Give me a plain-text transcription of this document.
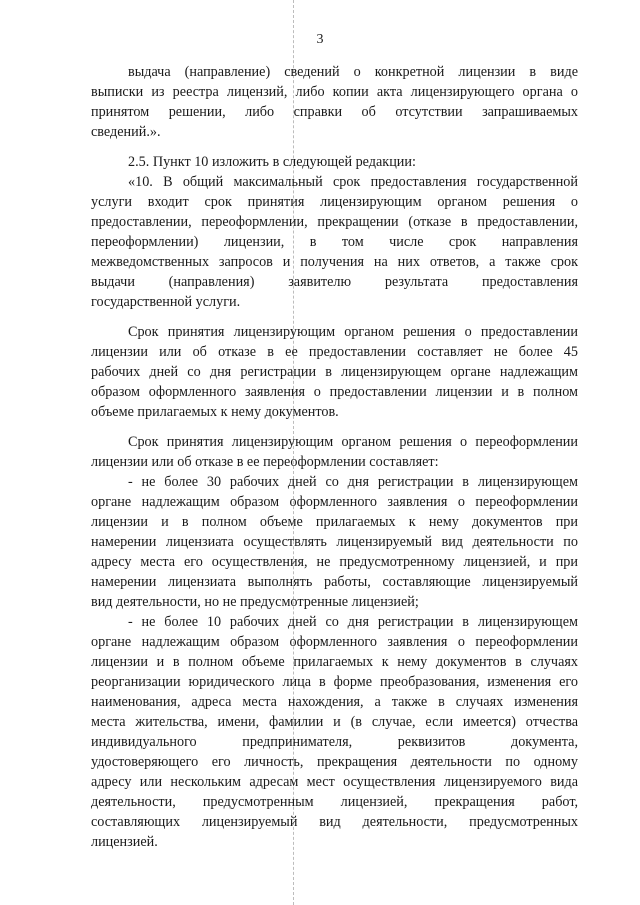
3
выдача (направление) сведений о конкретной лицензии в виде
выписки из реестра лицензий, либо копии акта лицензирующего органа о
принятом решении, либо справки об отсутствии запрашиваемых
сведений.».
2.5. Пункт 10 изложить в следующей редакции:
«10. В общий максимальный срок предоставления государственной
услуги входит срок принятия лицензирующим органом решения о
предоставлении, переоформлении, прекращении (отказе в предоставлении,
переоформлении) лицензии, в том числе срок направления
межведомственных запросов и получения на них ответов, а также срок
выдачи (направления) заявителю результата предоставления
государственной услуги.
Срок принятия лицензирующим органом решения о предоставлении
лицензии или об отказе в ее предоставлении составляет не более 45
рабочих дней со дня регистрации в лицензирующем органе надлежащим
образом оформленного заявления о предоставлении лицензии и в полном
объеме прилагаемых к нему документов.
Срок принятия лицензирующим органом решения о переоформлении
лицензии или об отказе в ее переоформлении составляет:
- не более 30 рабочих дней со дня регистрации в лицензирующем
органе надлежащим образом оформленного заявления о переоформлении
лицензии и в полном объеме прилагаемых к нему документов при
намерении лицензиата осуществлять лицензируемый вид деятельности по
адресу места его осуществления, не предусмотренному лицензией, и при
намерении лицензиата выполнять работы, составляющие лицензируемый
вид деятельности, но не предусмотренные лицензией;
- не более 10 рабочих дней со дня регистрации в лицензирующем
органе надлежащим образом оформленного заявления о переоформлении
лицензии и в полном объеме прилагаемых к нему документов в случаях
реорганизации юридического лица в форме преобразования, изменения его
наименования, адреса места нахождения, а также в случаях изменения
места жительства, имени, фамилии и (в случае, если имеется) отчества
индивидуального предпринимателя, реквизитов документа,
удостоверяющего его личность, прекращения деятельности по одному
адресу или нескольким адресам мест осуществления лицензируемого вида
деятельности, предусмотренным лицензией, прекращения работ,
составляющих лицензируемый вид деятельности, предусмотренных
лицензией.
